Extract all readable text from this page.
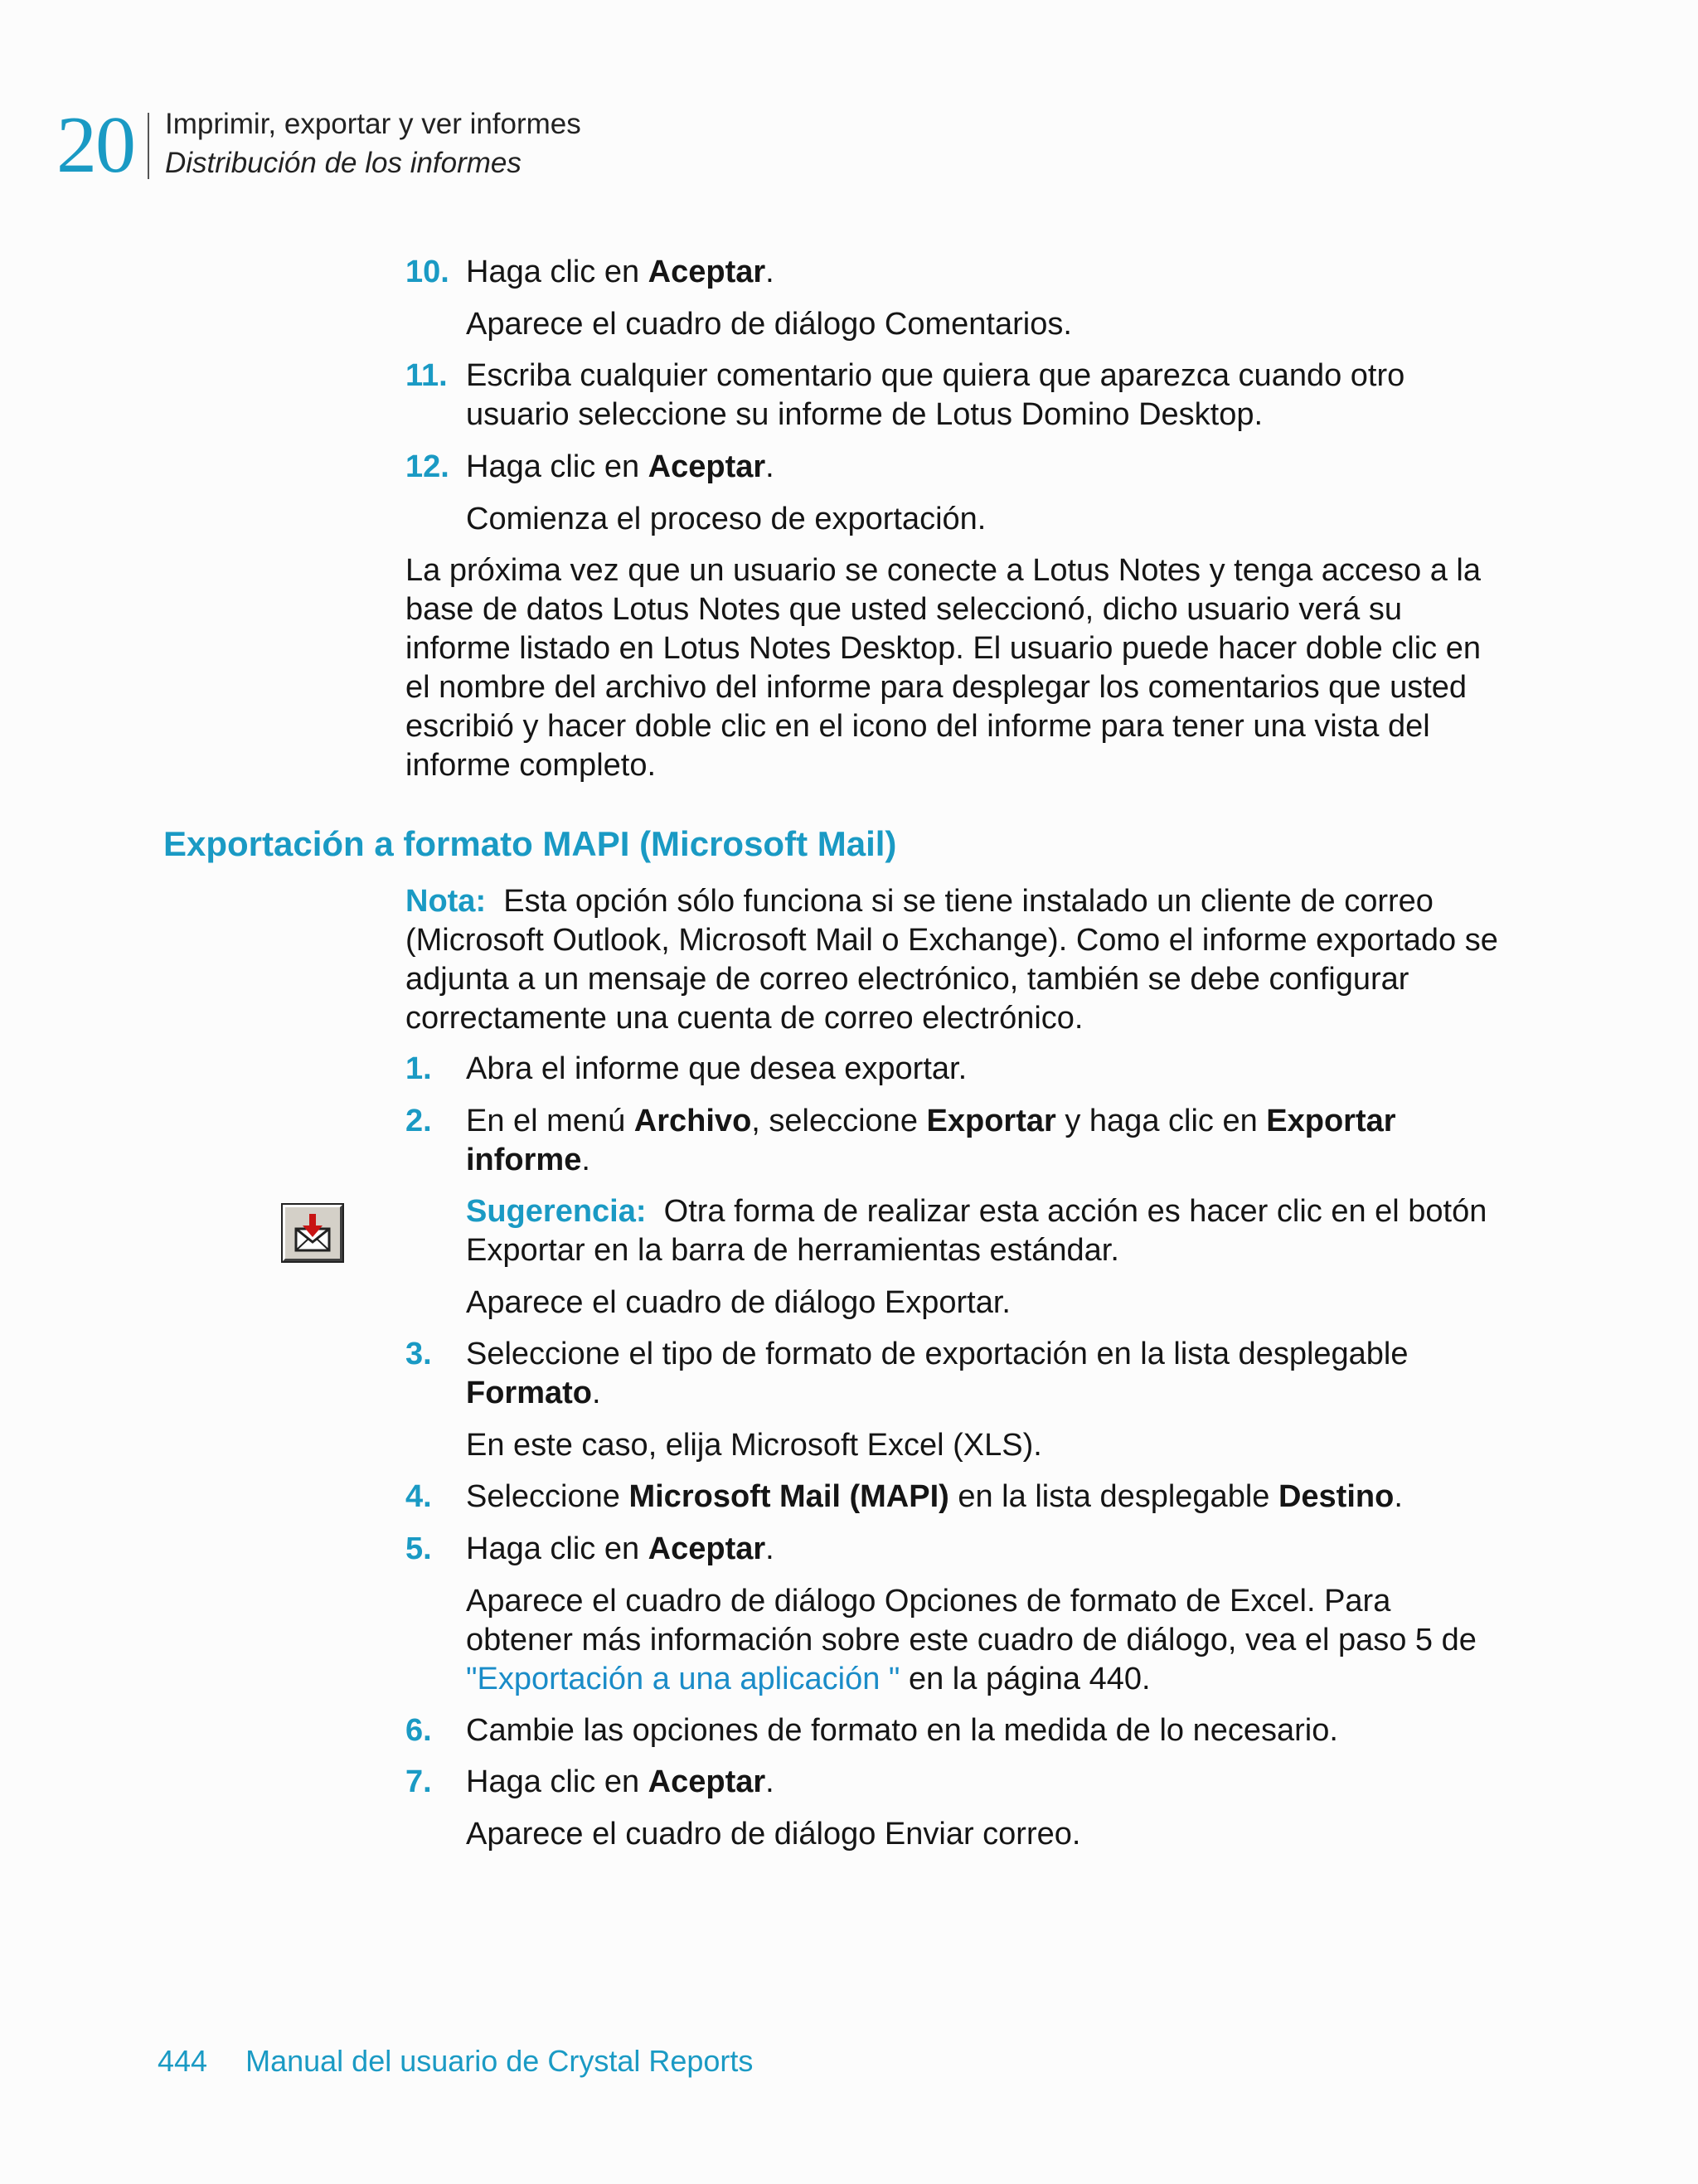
20 Imprimir, exportar y ver informes
Distribución de los informes
10. Haga clic en Aceptar.
Aparece el cuadro de diálogo Comentarios.
11. Escriba cualquier comentario que quiera que aparezca cuando otro usuario seleccione su informe de Lotus Domino Desktop.
12. Haga clic en Aceptar.
Comienza el proceso de exportación.
La próxima vez que un usuario se conecte a Lotus Notes y tenga acceso a la base de datos Lotus Notes que usted seleccionó, dicho usuario verá su informe listado en Lotus Notes Desktop. El usuario puede hacer doble clic en el nombre del archivo del informe para desplegar los comentarios que usted escribió y hacer doble clic en el icono del informe para tener una vista del informe completo.
Exportación a formato MAPI (Microsoft Mail)
Nota: Esta opción sólo funciona si se tiene instalado un cliente de correo (Microsoft Outlook, Microsoft Mail o Exchange). Como el informe exportado se adjunta a un mensaje de correo electrónico, también se debe configurar correctamente una cuenta de correo electrónico.
1. Abra el informe que desea exportar.
2. En el menú Archivo, seleccione Exportar y haga clic en Exportar informe.
Sugerencia: Otra forma de realizar esta acción es hacer clic en el botón Exportar en la barra de herramientas estándar.
Aparece el cuadro de diálogo Exportar.
3. Seleccione el tipo de formato de exportación en la lista desplegable Formato.
En este caso, elija Microsoft Excel (XLS).
4. Seleccione Microsoft Mail (MAPI) en la lista desplegable Destino.
5. Haga clic en Aceptar.
Aparece el cuadro de diálogo Opciones de formato de Excel. Para obtener más información sobre este cuadro de diálogo, vea el paso 5 de "Exportación a una aplicación " en la página 440.
6. Cambie las opciones de formato en la medida de lo necesario.
7. Haga clic en Aceptar.
Aparece el cuadro de diálogo Enviar correo.
444 Manual del usuario de Crystal Reports
